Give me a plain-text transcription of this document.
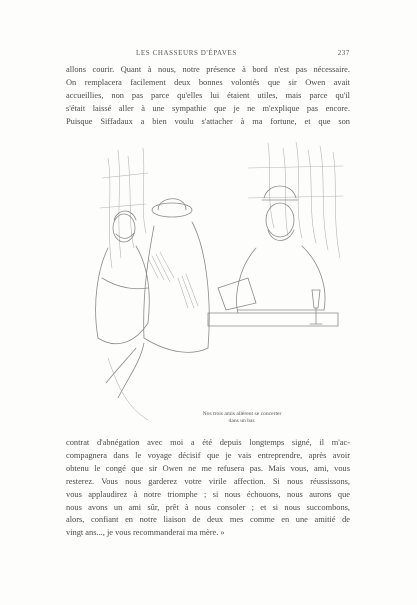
LES CHASSEURS D'ÉPAVES	237
allons courir. Quant à nous, notre présence à bord n'est pas nécessaire.
On remplacera facilement deux bonnes volontés que sir Owen avait
accueillies, non pas parce qu'elles lui étaient utiles, mais parce qu'il
s'était laissé aller à une sympathie que je ne m'explique pas encore.
Puisque Siffadaux a bien voulu s'attacher à ma fortune, et que son
Nos trois amis allèrent se concerter
dans un bar.
contrat d'abnégation avec moi a été depuis longtemps signé, il m'ac-
compagnera dans le voyage décisif que je vais entreprendre, après avoir
obtenu le congé que sir Owen ne me refusera pas. Mais vous, ami, vous
resterez. Vous nous garderez votre virile affection. Si nous réussissons,
vous applaudirez à notre triomphe ; si nous échouons, nous aurons que
nous avons un ami sûr, prêt à nous consoler ; et si nous succombons,
alors, confiant en notre liaison de deux mes comme en une amitié de
vingt ans..., je vous recommanderai ma mère. »
